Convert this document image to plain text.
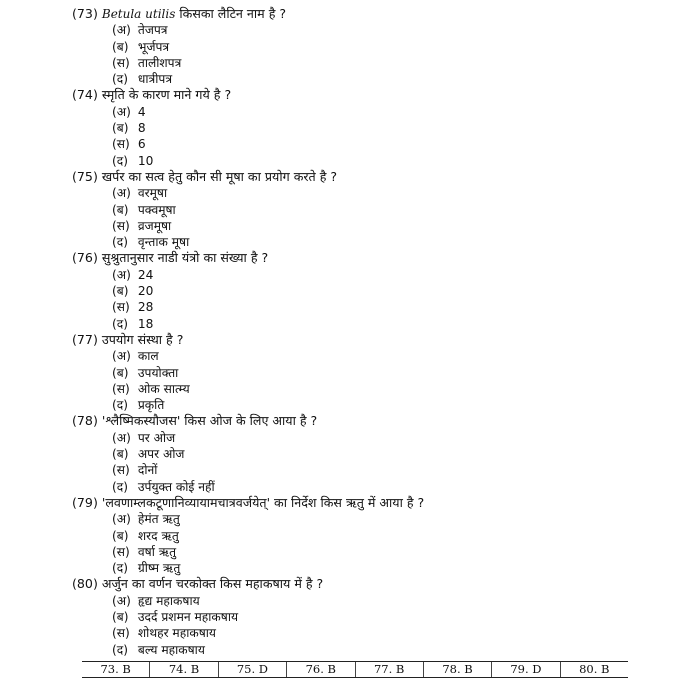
(73) Betula utilis किसका लैटिन नाम है ?
(अ) तेजपत्र
(ब) भूर्जपत्र
(स) तालीशपत्र
(द) धात्रीपत्र
(74) स्मृति के कारण माने गये है ?
(अ) 4
(ब) 8
(स) 6
(द) 10
(75) खर्पर का सत्व हेतु कौन सी मूषा का प्रयोग करते है ?
(अ) वरमूषा
(ब) पक्वमूषा
(स) व्रजमूषा
(द) वृन्ताक मूषा
(76) सुश्रुतानुसार नाडी यंत्रो का संख्या है ?
(अ) 24
(ब) 20
(स) 28
(द) 18
(77) उपयोग संस्था है ?
(अ) काल
(ब) उपयोक्ता
(स) ओक सात्म्य
(द) प्रकृति
(78) 'श्लैष्मिकस्यौजस' किस ओज के लिए आया है ?
(अ) पर ओज
(ब) अपर ओज
(स) दोनों
(द) उर्पयुक्त कोई नहीं
(79) 'लवणाम्लकटूणानिव्यायामचात्रवर्जयेत्' का निर्देश किस ऋतु में आया है ?
(अ) हेमंत ऋतु
(ब) शरद ऋतु
(स) वर्षा ऋतु
(द) ग्रीष्म ऋतु
(80) अर्जुन का वर्णन चरकोक्त किस महाकषाय में है ?
(अ) हृद्य महाकषाय
(ब) उदर्द प्रशमन महाकषाय
(स) शोथहर महाकषाय
(द) बल्य महाकषाय
73. B	74. B	75. D	76. B	77. B	78. B	79. D	80. B
